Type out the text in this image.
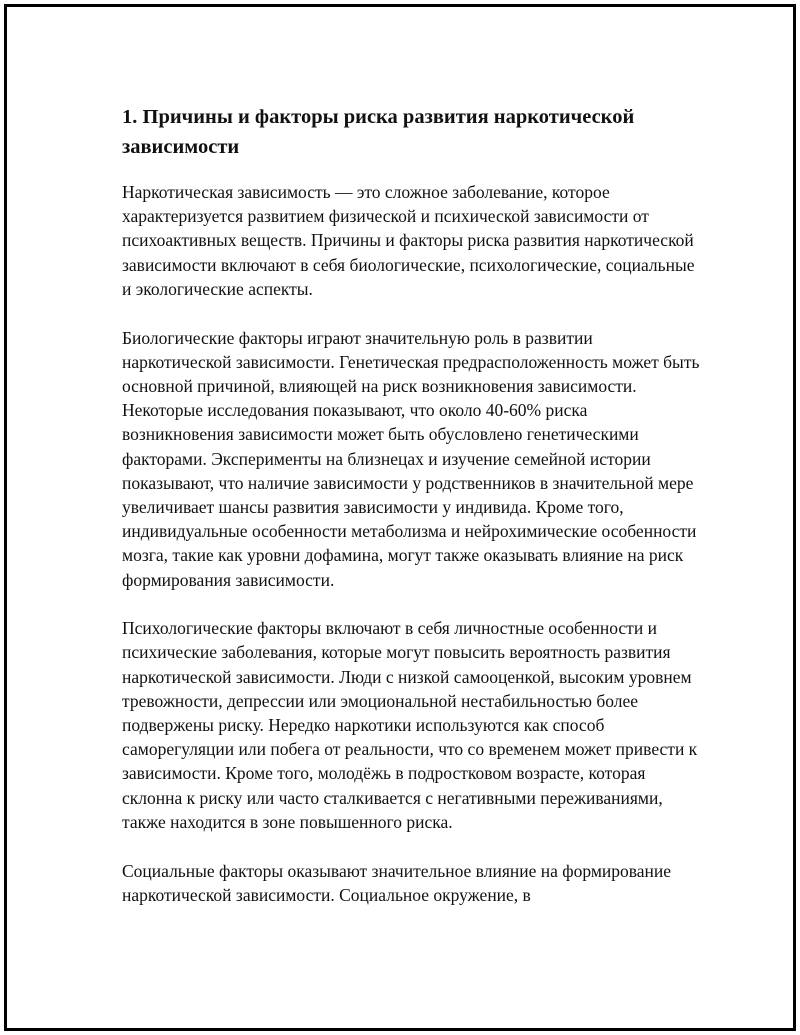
1. Причины и факторы риска развития наркотической зависимости

Наркотическая зависимость — это сложное заболевание, которое характеризуется развитием физической и психической зависимости от психоактивных веществ. Причины и факторы риска развития наркотической зависимости включают в себя биологические, психологические, социальные и экологические аспекты.

Биологические факторы играют значительную роль в развитии наркотической зависимости. Генетическая предрасположенность может быть основной причиной, влияющей на риск возникновения зависимости. Некоторые исследования показывают, что около 40-60% риска возникновения зависимости может быть обусловлено генетическими факторами. Эксперименты на близнецах и изучение семейной истории показывают, что наличие зависимости у родственников в значительной мере увеличивает шансы развития зависимости у индивида. Кроме того, индивидуальные особенности метаболизма и нейрохимические особенности мозга, такие как уровни дофамина, могут также оказывать влияние на риск формирования зависимости.

Психологические факторы включают в себя личностные особенности и психические заболевания, которые могут повысить вероятность развития наркотической зависимости. Люди с низкой самооценкой, высоким уровнем тревожности, депрессии или эмоциональной нестабильностью более подвержены риску. Нередко наркотики используются как способ саморегуляции или побега от реальности, что со временем может привести к зависимости. Кроме того, молодёжь в подростковом возрасте, которая склонна к риску или часто сталкивается с негативными переживаниями, также находится в зоне повышенного риска.

Социальные факторы оказывают значительное влияние на формирование наркотической зависимости. Социальное окружение, в
